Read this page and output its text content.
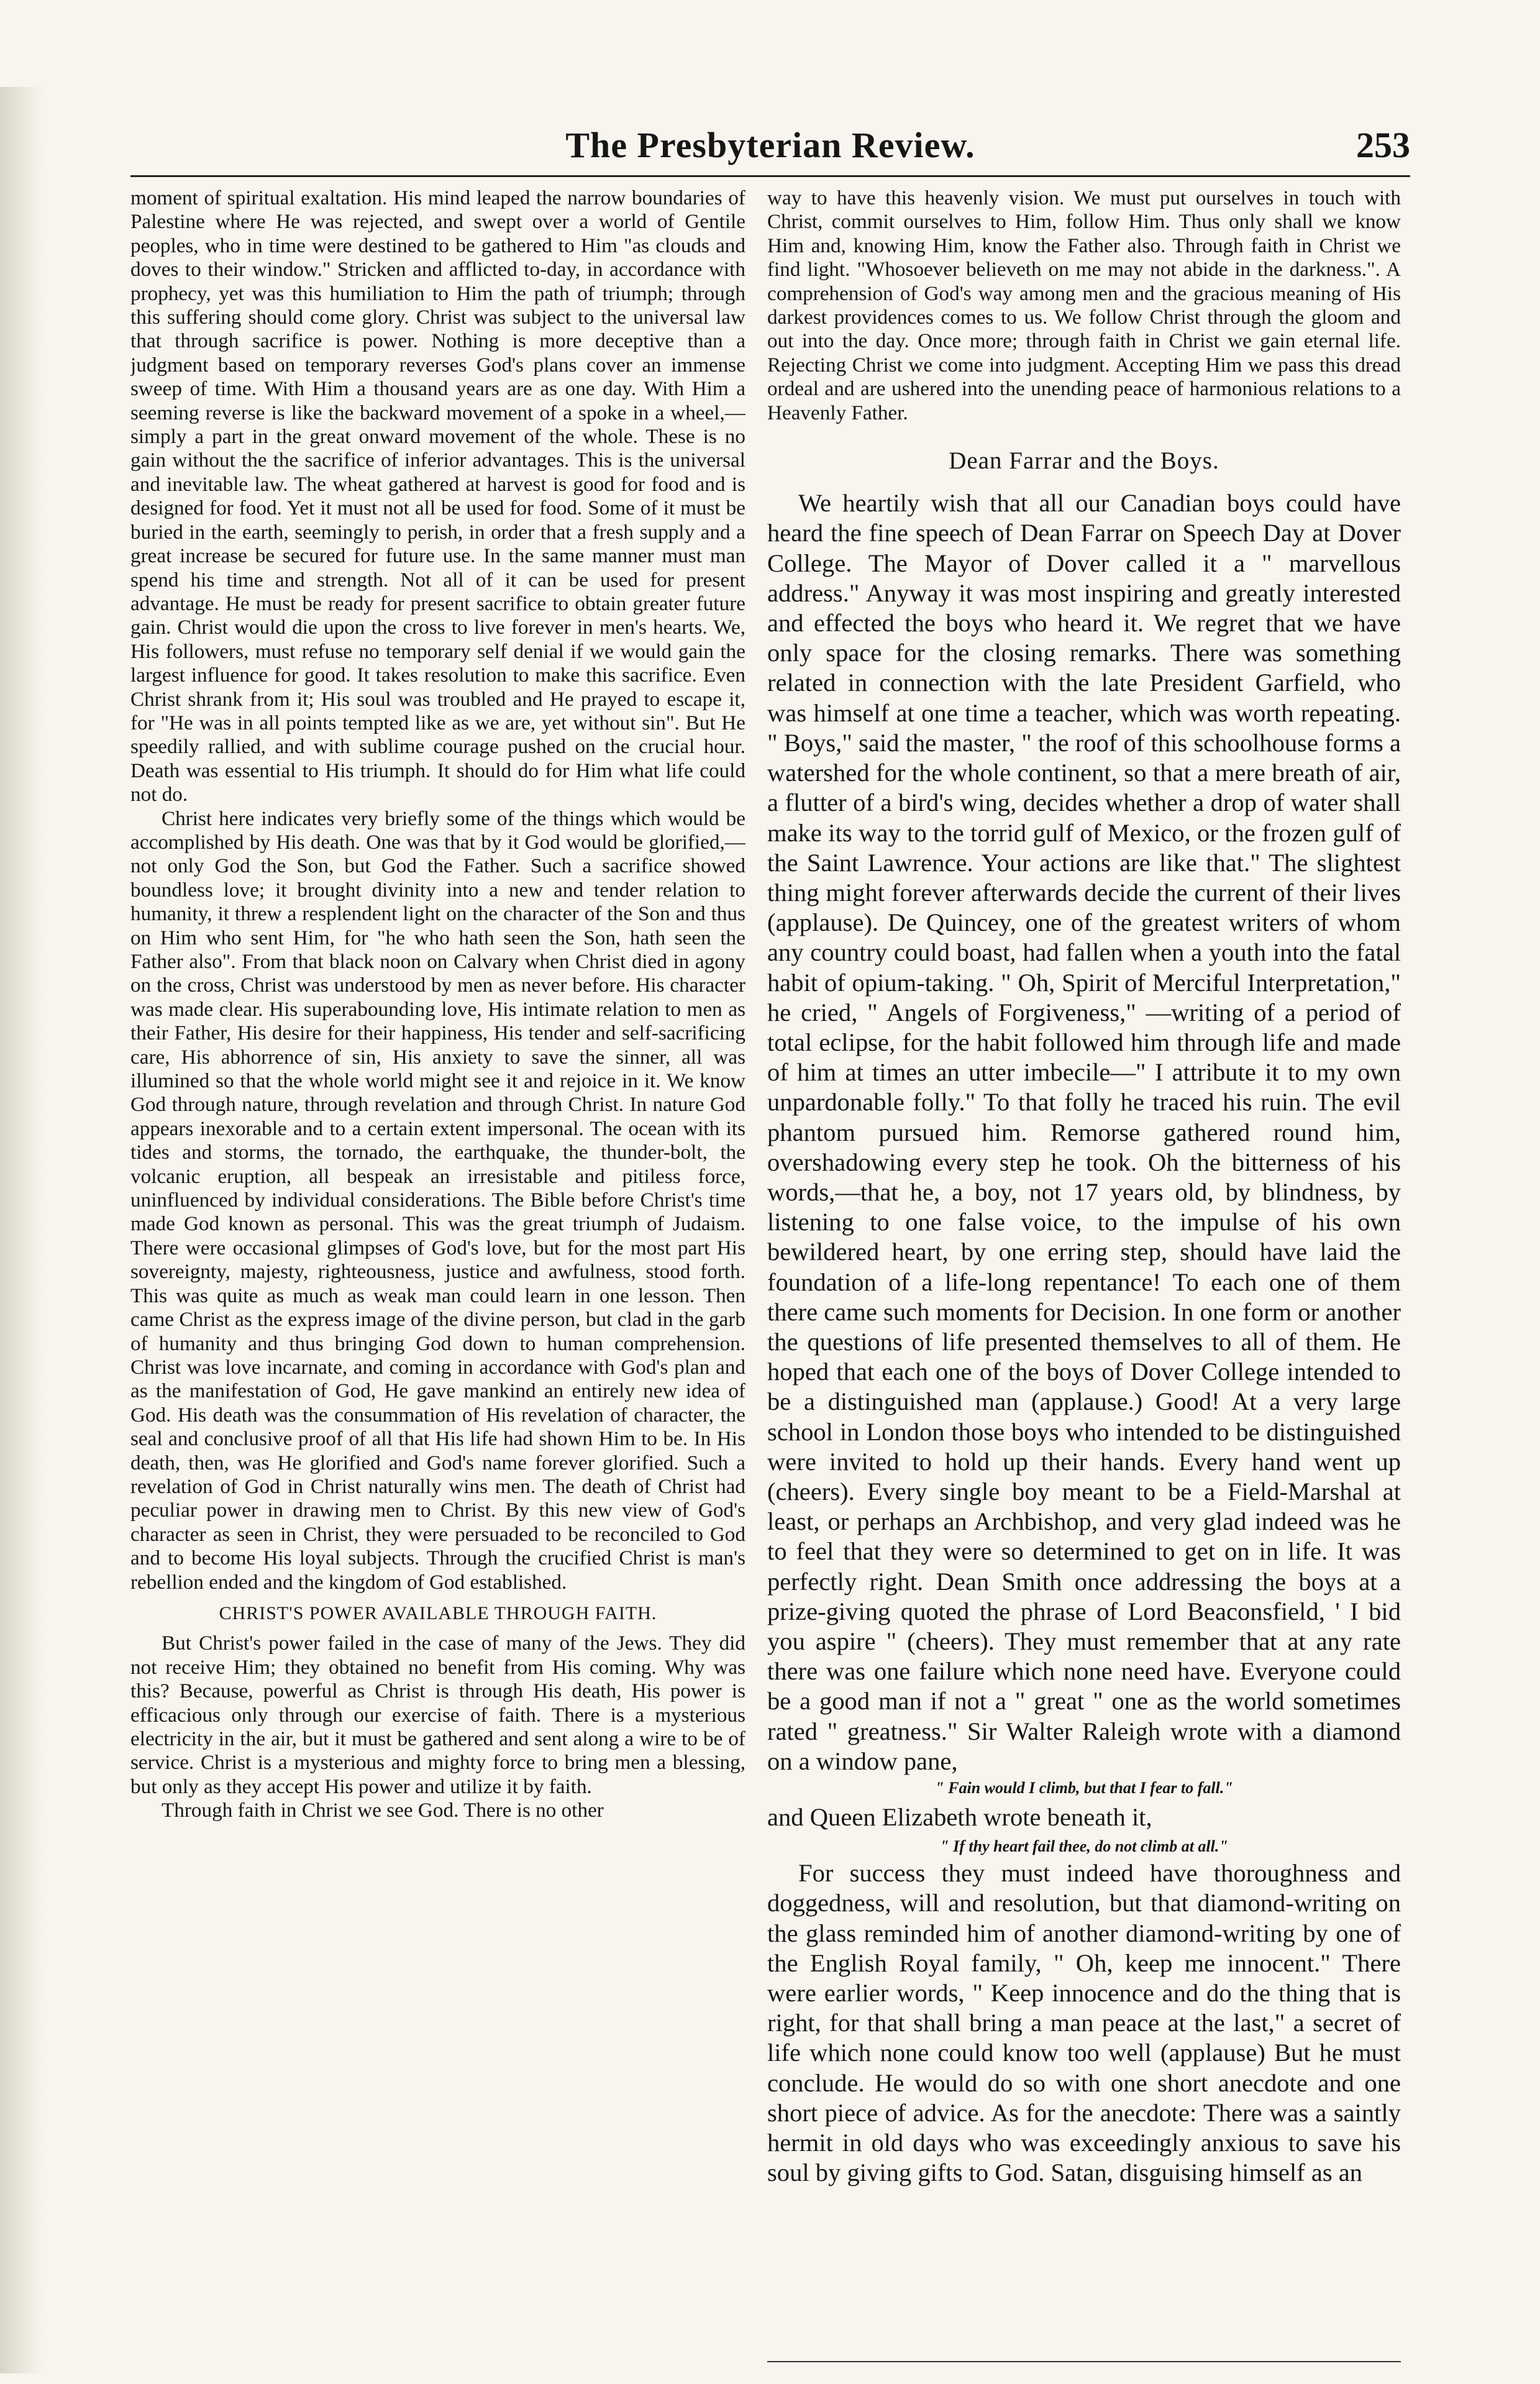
The Presbyterian Review.	253

moment of spiritual exaltation. His mind leaped the narrow boundaries of Palestine where He was rejected, and swept over a world of Gentile peoples, who in time were destined to be gathered to Him "as clouds and doves to their window." Stricken and afflicted to-day, in accordance with prophecy, yet was this humiliation to Him the path of triumph; through this suffering should come glory. Christ was subject to the universal law that through sacrifice is power. Nothing is more deceptive than a judgment based on temporary reverses God's plans cover an immense sweep of time. With Him a thousand years are as one day. With Him a seeming reverse is like the backward movement of a spoke in a wheel,—simply a part in the great onward movement of the whole. These is no gain without the the sacrifice of inferior advantages. This is the universal and inevitable law. The wheat gathered at harvest is good for food and is designed for food. Yet it must not all be used for food. Some of it must be buried in the earth, seemingly to perish, in order that a fresh supply and a great increase be secured for future use. In the same manner must man spend his time and strength. Not all of it can be used for present advantage. He must be ready for present sacrifice to obtain greater future gain. Christ would die upon the cross to live forever in men's hearts. We, His followers, must refuse no temporary self denial if we would gain the largest influence for good. It takes resolution to make this sacrifice. Even Christ shrank from it; His soul was troubled and He prayed to escape it, for "He was in all points tempted like as we are, yet without sin". But He speedily rallied, and with sublime courage pushed on the crucial hour. Death was essential to His triumph. It should do for Him what life could not do.

Christ here indicates very briefly some of the things which would be accomplished by His death. One was that by it God would be glorified,—not only God the Son, but God the Father. Such a sacrifice showed boundless love; it brought divinity into a new and tender relation to humanity, it threw a resplendent light on the character of the Son and thus on Him who sent Him, for "he who hath seen the Son, hath seen the Father also". From that black noon on Calvary when Christ died in agony on the cross, Christ was understood by men as never before. His character was made clear. His superabounding love, His intimate relation to men as their Father, His desire for their happiness, His tender and self-sacrificing care, His abhorrence of sin, His anxiety to save the sinner, all was illumined so that the whole world might see it and rejoice in it. We know God through nature, through revelation and through Christ. In nature God appears inexorable and to a certain extent impersonal. The ocean with its tides and storms, the tornado, the earthquake, the thunder-bolt, the volcanic eruption, all bespeak an irresistable and pitiless force, uninfluenced by individual considerations. The Bible before Christ's time made God known as personal. This was the great triumph of Judaism. There were occasional glimpses of God's love, but for the most part His sovereignty, majesty, righteousness, justice and awfulness, stood forth. This was quite as much as weak man could learn in one lesson. Then came Christ as the express image of the divine person, but clad in the garb of humanity and thus bringing God down to human comprehension. Christ was love incarnate, and coming in accordance with God's plan and as the manifestation of God, He gave mankind an entirely new idea of God. His death was the consummation of His revelation of character, the seal and conclusive proof of all that His life had shown Him to be. In His death, then, was He glorified and God's name forever glorified. Such a revelation of God in Christ naturally wins men. The death of Christ had peculiar power in drawing men to Christ. By this new view of God's character as seen in Christ, they were persuaded to be reconciled to God and to become His loyal subjects. Through the crucified Christ is man's rebellion ended and the kingdom of God established.

CHRIST'S POWER AVAILABLE THROUGH FAITH.

But Christ's power failed in the case of many of the Jews. They did not receive Him; they obtained no benefit from His coming. Why was this? Because, powerful as Christ is through His death, His power is efficacious only through our exercise of faith. There is a mysterious electricity in the air, but it must be gathered and sent along a wire to be of service. Christ is a mysterious and mighty force to bring men a blessing, but only as they accept His power and utilize it by faith.

Through faith in Christ we see God. There is no other

way to have this heavenly vision. We must put ourselves in touch with Christ, commit ourselves to Him, follow Him. Thus only shall we know Him and, knowing Him, know the Father also. Through faith in Christ we find light. "Whosoever believeth on me may not abide in the darkness.". A comprehension of God's way among men and the gracious meaning of His darkest providences comes to us. We follow Christ through the gloom and out into the day. Once more; through faith in Christ we gain eternal life. Rejecting Christ we come into judgment. Accepting Him we pass this dread ordeal and are ushered into the unending peace of harmonious relations to a Heavenly Father.

Dean Farrar and the Boys.

We heartily wish that all our Canadian boys could have heard the fine speech of Dean Farrar on Speech Day at Dover College. The Mayor of Dover called it a " marvellous address." Anyway it was most inspiring and greatly interested and effected the boys who heard it. We regret that we have only space for the closing remarks. There was something related in connection with the late President Garfield, who was himself at one time a teacher, which was worth repeating. " Boys," said the master, " the roof of this schoolhouse forms a watershed for the whole continent, so that a mere breath of air, a flutter of a bird's wing, decides whether a drop of water shall make its way to the torrid gulf of Mexico, or the frozen gulf of the Saint Lawrence. Your actions are like that." The slightest thing might forever afterwards decide the current of their lives (applause). De Quincey, one of the greatest writers of whom any country could boast, had fallen when a youth into the fatal habit of opium-taking. " Oh, Spirit of Merciful Interpretation," he cried, " Angels of Forgiveness," —writing of a period of total eclipse, for the habit followed him through life and made of him at times an utter imbecile—" I attribute it to my own unpardonable folly." To that folly he traced his ruin. The evil phantom pursued him. Remorse gathered round him, overshadowing every step he took. Oh the bitterness of his words,—that he, a boy, not 17 years old, by blindness, by listening to one false voice, to the impulse of his own bewildered heart, by one erring step, should have laid the foundation of a life-long repentance! To each one of them there came such moments for Decision. In one form or another the questions of life presented themselves to all of them. He hoped that each one of the boys of Dover College intended to be a distinguished man (applause.) Good! At a very large school in London those boys who intended to be distinguished were invited to hold up their hands. Every hand went up (cheers). Every single boy meant to be a Field-Marshal at least, or perhaps an Archbishop, and very glad indeed was he to feel that they were so determined to get on in life. It was perfectly right. Dean Smith once addressing the boys at a prize-giving quoted the phrase of Lord Beaconsfield, ' I bid you aspire " (cheers). They must remember that at any rate there was one failure which none need have. Everyone could be a good man if not a " great " one as the world sometimes rated " greatness." Sir Walter Raleigh wrote with a diamond on a window pane,

" Fain would I climb, but that I fear to fall."

and Queen Elizabeth wrote beneath it,

" If thy heart fail thee, do not climb at all."

For success they must indeed have thoroughness and doggedness, will and resolution, but that diamond-writing on the glass reminded him of another diamond-writing by one of the English Royal family, " Oh, keep me innocent." There were earlier words, " Keep innocence and do the thing that is right, for that shall bring a man peace at the last," a secret of life which none could know too well (applause) But he must conclude. He would do so with one short anecdote and one short piece of advice. As for the anecdote: There was a saintly hermit in old days who was exceedingly anxious to save his soul by giving gifts to God. Satan, disguising himself as an
